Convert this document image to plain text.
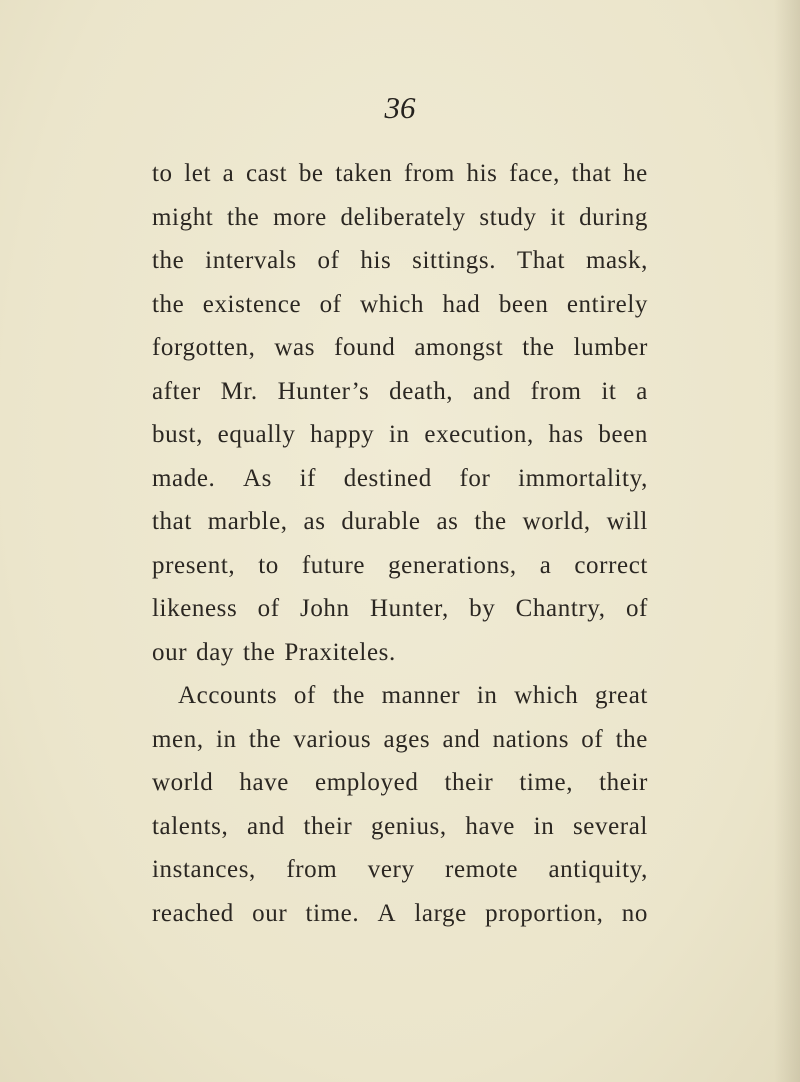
36
to let a cast be taken from his face, that he
might the more deliberately study it during
the intervals of his sittings. That mask,
the existence of which had been entirely
forgotten, was found amongst the lumber
after Mr. Hunter’s death, and from it a
bust, equally happy in execution, has been
made. As if destined for immortality,
that marble, as durable as the world, will
present, to future generations, a correct
likeness of John Hunter, by Chantry, of
our day the Praxiteles.
Accounts of the manner in which great
men, in the various ages and nations of the
world have employed their time, their
talents, and their genius, have in several
instances, from very remote antiquity,
reached our time. A large proportion, no
